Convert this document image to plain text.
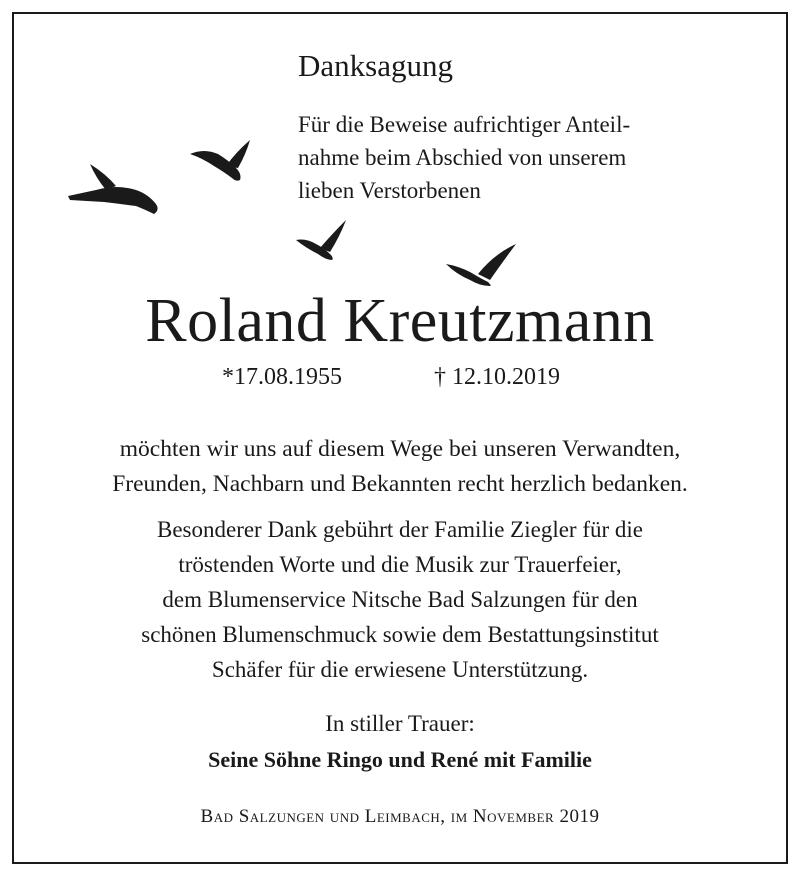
Danksagung
Für die Beweise aufrichtiger Anteil-
nahme beim Abschied von unserem
lieben Verstorbenen
Roland Kreutzmann
*17.08.1955	† 12.10.2019
möchten wir uns auf diesem Wege bei unseren Verwandten,
Freunden, Nachbarn und Bekannten recht herzlich bedanken.
Besonderer Dank gebührt der Familie Ziegler für die
tröstenden Worte und die Musik zur Trauerfeier,
dem Blumenservice Nitsche Bad Salzungen für den
schönen Blumenschmuck sowie dem Bestattungsinstitut
Schäfer für die erwiesene Unterstützung.
In stiller Trauer:
Seine Söhne Ringo und René mit Familie
Bad Salzungen und Leimbach, im November 2019
